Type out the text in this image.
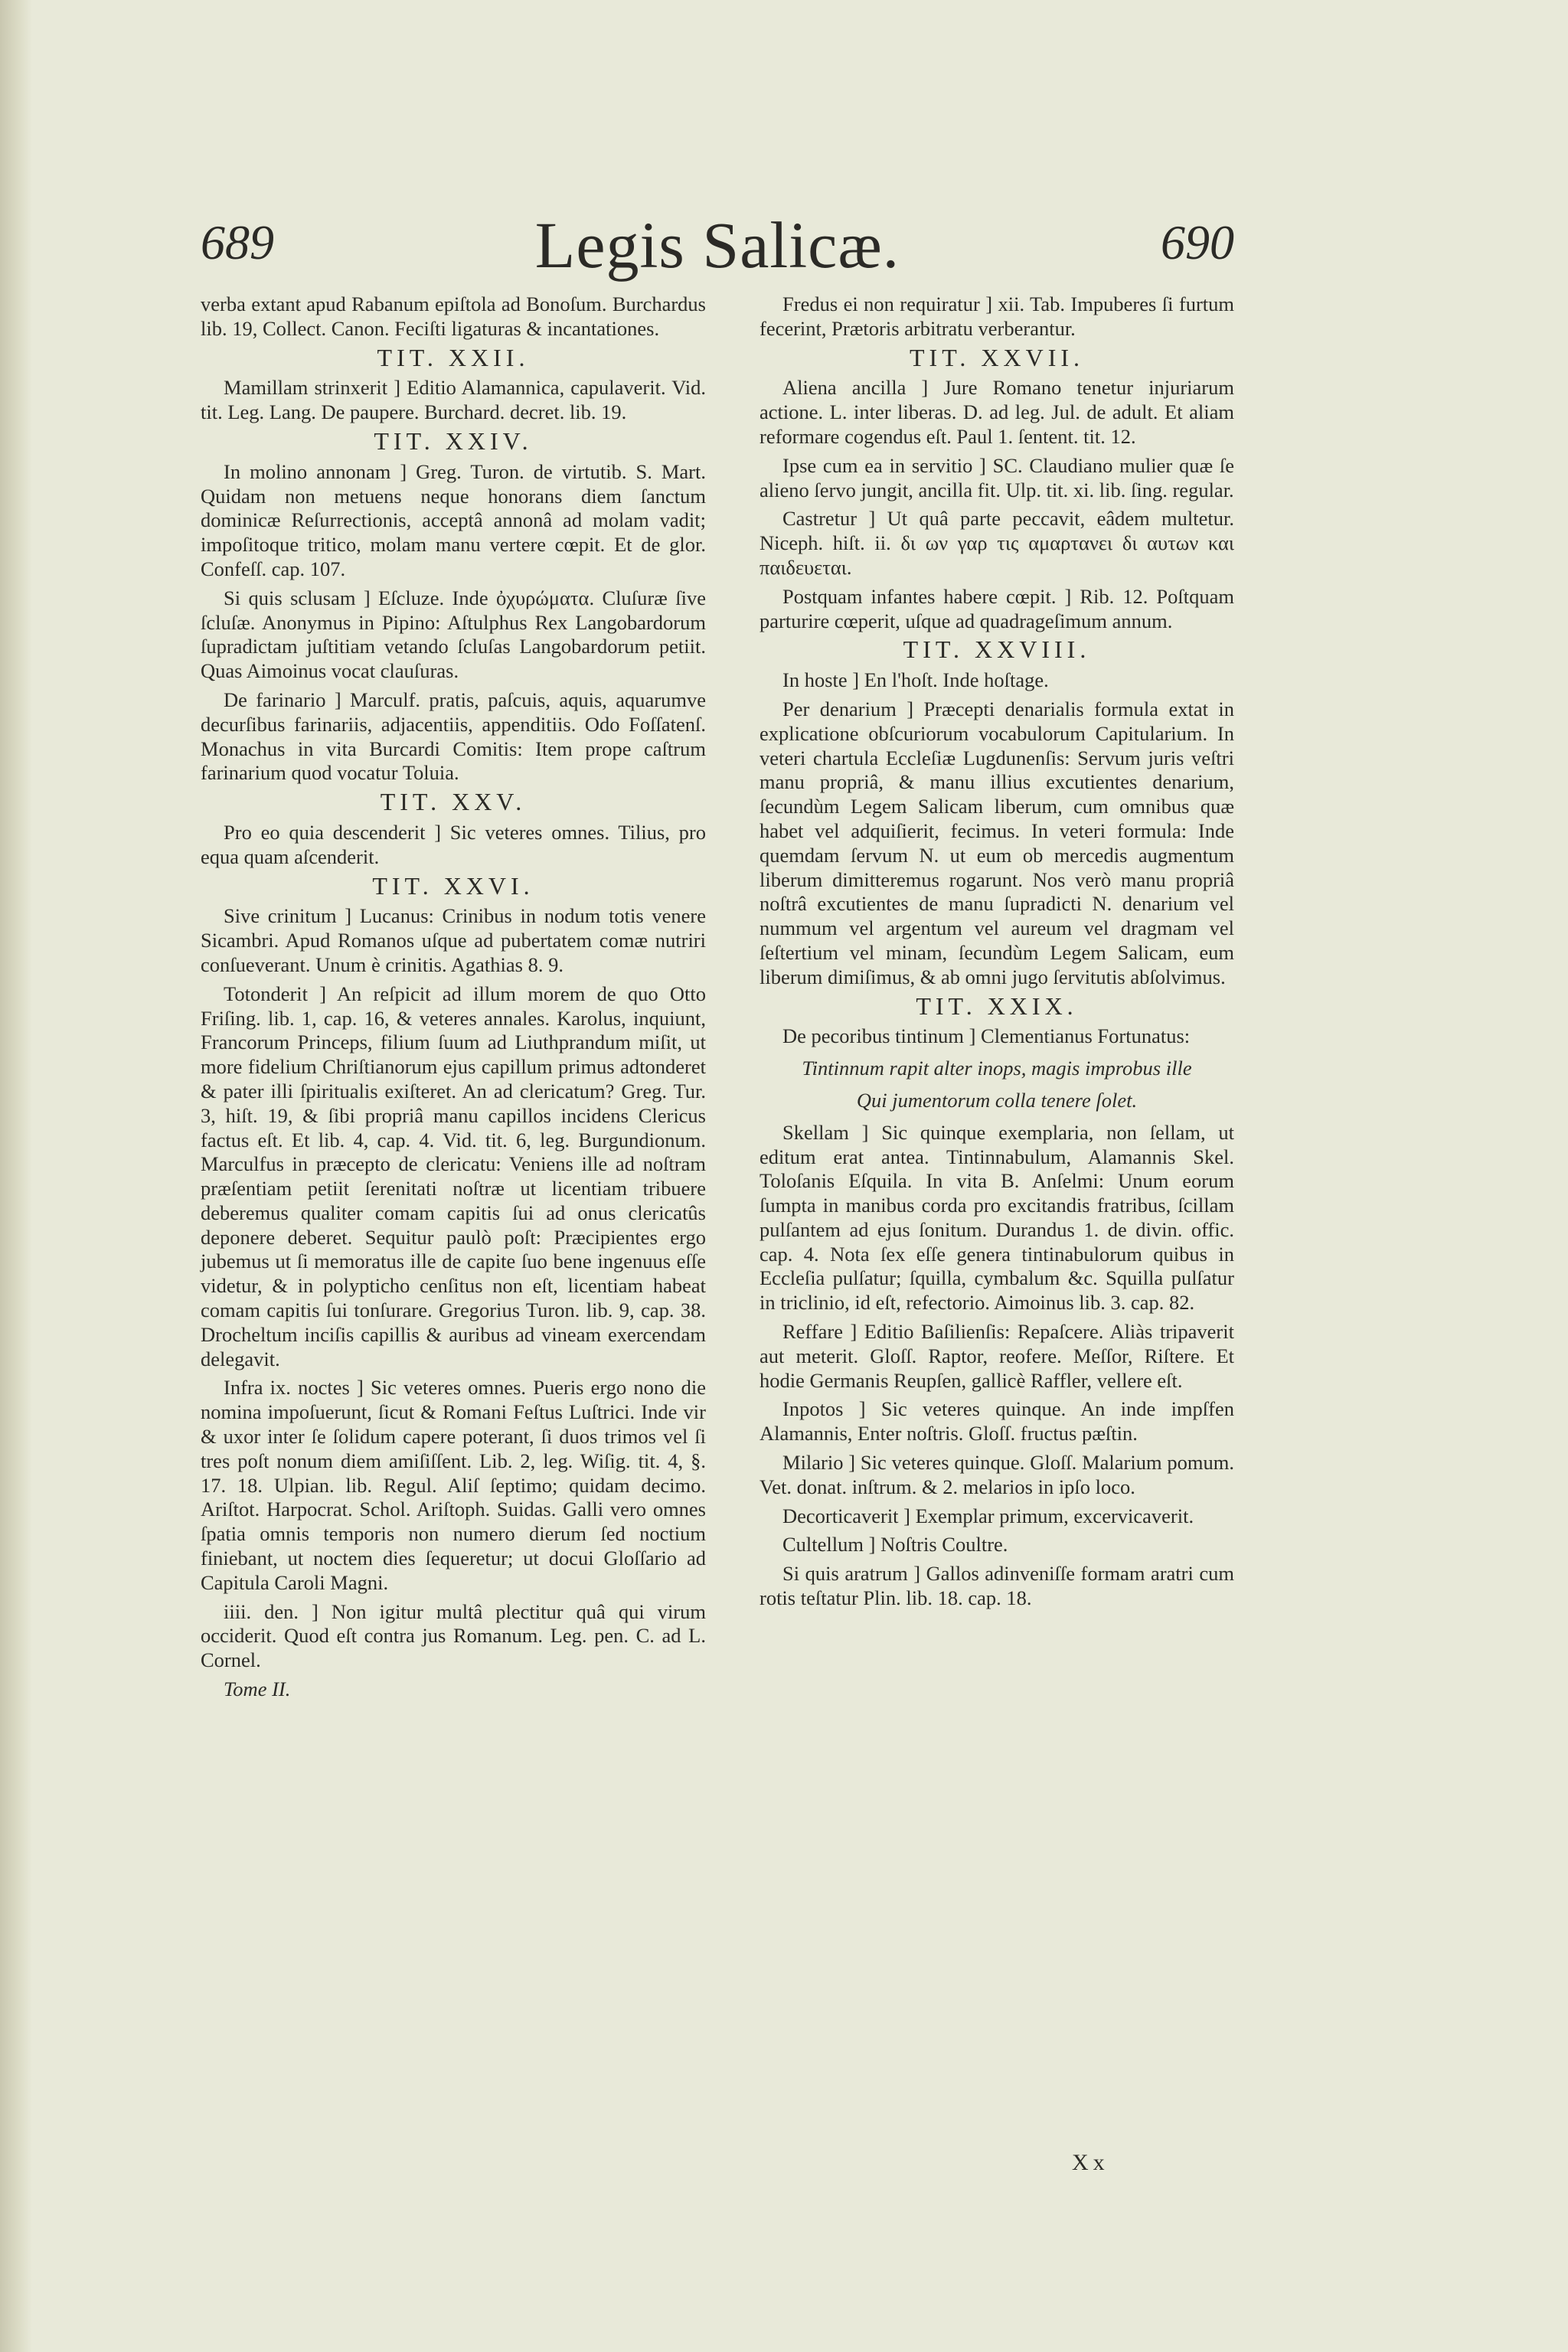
689	Legis Salicæ.	690

verba extant apud Rabanum epiſtola ad Bonoſum. Burchardus lib. 19, Collect. Canon. Feciſti ligaturas & incantationes.

TIT. XXII.

Mamillam strinxerit ] Editio Alamannica, capulaverit. Vid. tit. Leg. Lang. De paupere. Burchard. decret. lib. 19.

TIT. XXIV.

In molino annonam ] Greg. Turon. de virtutib. S. Mart. Quidam non metuens neque honorans diem ſanctum dominicæ Reſurrectionis, acceptâ annonâ ad molam vadit; impoſitoque tritico, molam manu vertere cœpit. Et de glor. Confeſſ. cap. 107.

Si quis sclusam ] Eſcluze. Inde ὀχυρώματα. Cluſuræ ſive ſcluſæ. Anonymus in Pipino: Aſtulphus Rex Langobardorum ſupradictam juſtitiam vetando ſcluſas Langobardorum petiit. Quas Aimoinus vocat clauſuras.

De farinario ] Marculf. pratis, paſcuis, aquis, aquarumve decurſibus farinariis, adjacentiis, appenditiis. Odo Foſſatenſ. Monachus in vita Burcardi Comitis: Item prope caſtrum farinarium quod vocatur Toluia.

TIT. XXV.

Pro eo quia descenderit ] Sic veteres omnes. Tilius, pro equa quam aſcenderit.

TIT. XXVI.

Sive crinitum ] Lucanus: Crinibus in nodum totis venere Sicambri. Apud Romanos uſque ad pubertatem comæ nutriri conſueverant. Unum è crinitis. Agathias 8. 9.

Totonderit ] An reſpicit ad illum morem de quo Otto Friſing. lib. 1, cap. 16, & veteres annales. Karolus, inquiunt, Francorum Princeps, filium ſuum ad Liuthprandum miſit, ut more fidelium Chriſtianorum ejus capillum primus adtonderet & pater illi ſpiritualis exiſteret. An ad clericatum? Greg. Tur. 3, hiſt. 19, & ſibi propriâ manu capillos incidens Clericus factus eſt. Et lib. 4, cap. 4. Vid. tit. 6, leg. Burgundionum. Marculfus in præcepto de clericatu: Veniens ille ad noſtram præſentiam petiit ſerenitati noſtræ ut licentiam tribuere deberemus qualiter comam capitis ſui ad onus clericatûs deponere deberet. Sequitur paulò poſt: Præcipientes ergo jubemus ut ſi memoratus ille de capite ſuo bene ingenuus eſſe videtur, & in polypticho cenſitus non eſt, licentiam habeat comam capitis ſui tonſurare. Gregorius Turon. lib. 9, cap. 38. Drocheltum inciſis capillis & auribus ad vineam exercendam delegavit.

Infra ix. noctes ] Sic veteres omnes. Pueris ergo nono die nomina impoſuerunt, ſicut & Romani Feſtus Luſtrici. Inde vir & uxor inter ſe ſolidum capere poterant, ſi duos trimos vel ſi tres poſt nonum diem amiſiſſent. Lib. 2, leg. Wiſig. tit. 4, §. 17. 18. Ulpian. lib. Regul. Aliſ ſeptimo; quidam decimo. Ariſtot. Harpocrat. Schol. Ariſtoph. Suidas. Galli vero omnes ſpatia omnis temporis non numero dierum ſed noctium finiebant, ut noctem dies ſequeretur; ut docui Gloſſario ad Capitula Caroli Magni.

iiii. den. ] Non igitur multâ plectitur quâ qui virum occiderit. Quod eſt contra jus Romanum. Leg. pen. C. ad L. Cornel.

Tome II.

Fredus ei non requiratur ] xii. Tab. Impuberes ſi furtum fecerint, Prætoris arbitratu verberantur.

TIT. XXVII.

Aliena ancilla ] Jure Romano tenetur injuriarum actione. L. inter liberas. D. ad leg. Jul. de adult. Et aliam reformare cogendus eſt. Paul 1. ſentent. tit. 12.

Ipse cum ea in servitio ] SC. Claudiano mulier quæ ſe alieno ſervo jungit, ancilla fit. Ulp. tit. xi. lib. ſing. regular.

Castretur ] Ut quâ parte peccavit, eâdem multetur. Niceph. hiſt. ii. δι ων γαρ τις αμαρτανει δι αυτων και παιδευεται.

Postquam infantes habere cœpit. ] Rib. 12. Poſtquam parturire cœperit, uſque ad quadrageſimum annum.

TIT. XXVIII.

In hoste ] En l'hoſt. Inde hoſtage.

Per denarium ] Præcepti denarialis formula extat in explicatione obſcuriorum vocabulorum Capitularium. In veteri chartula Eccleſiæ Lugdunenſis: Servum juris veſtri manu propriâ, & manu illius excutientes denarium, ſecundùm Legem Salicam liberum, cum omnibus quæ habet vel adquiſierit, fecimus. In veteri formula: Inde quemdam ſervum N. ut eum ob mercedis augmentum liberum dimitteremus rogarunt. Nos verò manu propriâ noſtrâ excutientes de manu ſupradicti N. denarium vel nummum vel argentum vel aureum vel dragmam vel ſeſtertium vel minam, ſecundùm Legem Salicam, eum liberum dimiſimus, & ab omni jugo ſervitutis abſolvimus.

TIT. XXIX.

De pecoribus tintinum ] Clementianus Fortunatus:

Tintinnum rapit alter inops, magis improbus ille

Qui jumentorum colla tenere ſolet.

Skellam ] Sic quinque exemplaria, non ſellam, ut editum erat antea. Tintinnabulum, Alamannis Skel. Toloſanis Eſquila. In vita B. Anſelmi: Unum eorum ſumpta in manibus corda pro excitandis fratribus, ſcillam pulſantem ad ejus ſonitum. Durandus 1. de divin. offic. cap. 4. Nota ſex eſſe genera tintinabulorum quibus in Eccleſia pulſatur; ſquilla, cymbalum &c. Squilla pulſatur in triclinio, id eſt, refectorio. Aimoinus lib. 3. cap. 82.

Reffare ] Editio Baſilienſis: Repaſcere. Aliàs tripaverit aut meterit. Gloſſ. Raptor, reofere. Meſſor, Riſtere. Et hodie Germanis Reupſen, gallicè Raffler, vellere eſt.

Inpotos ] Sic veteres quinque. An inde impſfen Alamannis, Enter noſtris. Gloſſ. fructus pæſtin.

Milario ] Sic veteres quinque. Gloſſ. Malarium pomum. Vet. donat. inſtrum. & 2. melarios in ipſo loco.

Decorticaverit ] Exemplar primum, excervicaverit.

Cultellum ] Noſtris Coultre.

Si quis aratrum ] Gallos adinveniſſe formam aratri cum rotis teſtatur Plin. lib. 18. cap. 18.

Xx
